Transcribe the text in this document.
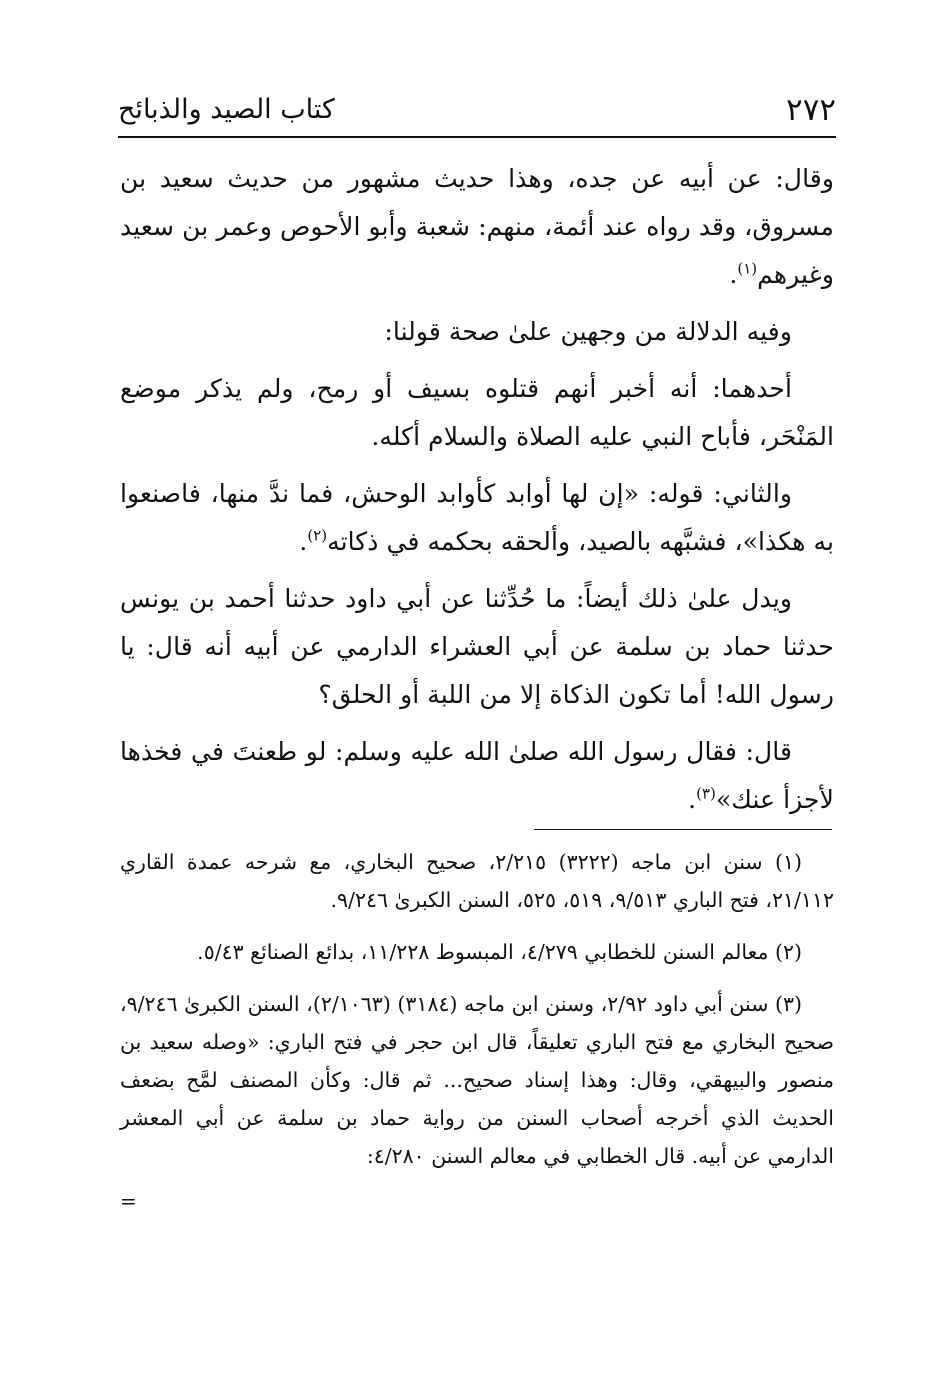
٢٧٢
كتاب الصيد والذبائح

وقال: عن أبيه عن جده، وهذا حديث مشهور من حديث سعيد بن مسروق، وقد رواه عند أئمة، منهم: شعبة وأبو الأحوص وعمر بن سعيد وغيرهم$^{(١)}$.

وفيه الدلالة من وجهين علىٰ صحة قولنا:

أحدهما: أنه أخبر أنهم قتلوه بسيف أو رمح، ولم يذكر موضع المَنْحَر، فأباح النبي عليه الصلاة والسلام أكله.

والثاني: قوله: «إن لها أوابد كأوابد الوحش، فما ندَّ منها، فاصنعوا به هكذا»، فشبَّهه بالصيد، وألحقه بحكمه في ذكاته$^{(٢)}$.

ويدل علىٰ ذلك أيضاً: ما حُدِّثنا عن أبي داود حدثنا أحمد بن يونس حدثنا حماد بن سلمة عن أبي العشراء الدارمي عن أبيه أنه قال: يا رسول الله! أما تكون الذكاة إلا من اللبة أو الحلق؟

قال: فقال رسول الله صلىٰ الله عليه وسلم: لو طعنتَ في فخذها لأجزأ عنك»$^{(٣)}$.

(١) سنن ابن ماجه (٣٢٢٢) ٢/٢١٥، صحيح البخاري، مع شرحه عمدة القاري ٢١/١١٢، فتح الباري ٩/٥١٣، ٥١٩، ٥٢٥، السنن الكبرىٰ ٩/٢٤٦.

(٢) معالم السنن للخطابي ٤/٢٧٩، المبسوط ١١/٢٢٨، بدائع الصنائع ٥/٤٣.

(٣) سنن أبي داود ٢/٩٢، وسنن ابن ماجه (٣١٨٤) (٢/١٠٦٣)، السنن الكبرىٰ ٩/٢٤٦، صحيح البخاري مع فتح الباري تعليقاً، قال ابن حجر في فتح الباري: «وصله سعيد بن منصور والبيهقي، وقال: وهذا إسناد صحيح... ثم قال: وكأن المصنف لمَّح بضعف الحديث الذي أخرجه أصحاب السنن من رواية حماد بن سلمة عن أبي المعشر الدارمي عن أبيه. قال الخطابي في معالم السنن ٤/٢٨٠:

=
